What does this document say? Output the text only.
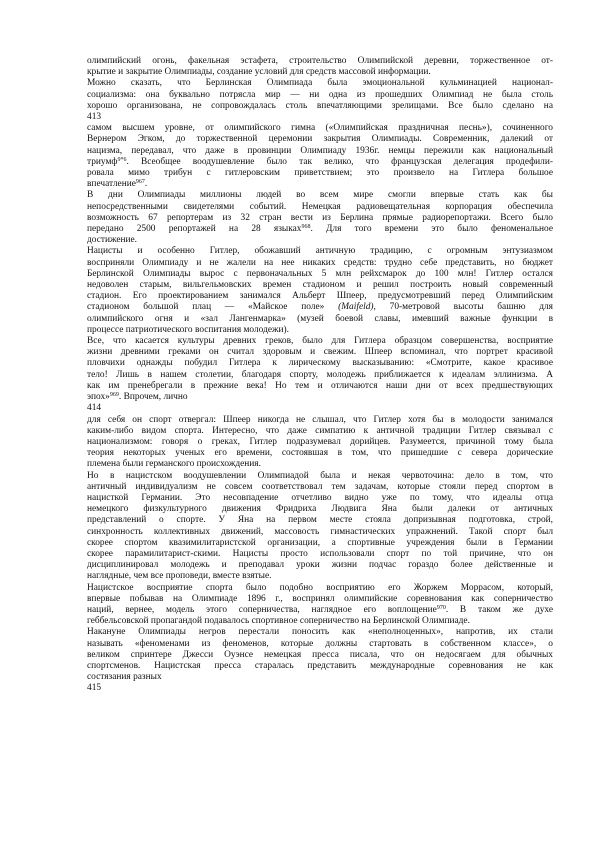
олимпийский огонь, факельная эстафета, строительство Олимпийской деревни, торжественное от-
крытие и закрытие Олимпиады, создание условий для средств массовой информации.
Можно сказать, что Берлинская Олимпиада была эмоциональной кульминацией национал-
социализма: она буквально потрясла мир — ни одна из прошедших Олимпиад не была столь
хорошо организована, не сопровождалась столь впечатляющими зрелищами. Все было сделано на
413
самом высшем уровне, от олимпийского гимна («Олимпийская праздничная песнь»), сочиненного
Вернером Эгком, до торжественной церемонии закрытия Олимпиады. Современник, далекий от
нацизма, передавал, что даже в провинции Олимпиаду 1936г. немцы пережили как национальный
триумф$^{9*6}$. Всеобщее воодушевление было так велико, что французская делегация продефили-
ровала мимо трибун с гитлеровским приветствием; это произвело на Гитлера большое
впечатление$^{967}$.
В дни Олимпиады миллионы людей во всем мире смогли впервые стать как бы
непосредственными свидетелями событий. Немецкая радиовещательная корпорация обеспечила
возможность 67 репортерам из 32 стран вести из Берлина прямые радиорепортажи. Всего было
передано 2500 репортажей на 28 языках$^{968}$. Для того времени это было феноменальное
достижение.
Нацисты и особенно Гитлер, обожавший античную традицию, с огромным энтузиазмом
восприняли Олимпиаду и не жалели на нее никаких средств: трудно себе представить, но бюджет
Берлинской Олимпиады вырос с первоначальных 5 млн рейхсмарок до 100 млн! Гитлер остался
недоволен старым, вильгельмовских времен стадионом и решил построить новый современный
стадион. Его проектированием занимался Альберт Шпеер, предусмотревший перед Олимпийским
стадионом большой плац — «Майское поле» (Maifeld), 70-метровой высоты башню для
олимпийского огня и «зал Лангенмарка» (музей боевой славы, имевший важные функции в
процессе патриотического воспитания молодежи).
Все, что касается культуры древних греков, было для Гитлера образцом совершенства, восприятие
жизни древними греками он считал здоровым и свежим. Шпеер вспоминал, что портрет красивой
пловчихи однажды побудил Гитлера к лирическому высказыванию: «Смотрите, какое красивое
тело! Лишь в нашем столетии, благодаря спорту, молодежь приближается к идеалам эллинизма. А
как им пренебрегали в прежние века! Но тем и отличаются наши дни от всех предшествующих
эпох»$^{969}$. Впрочем, лично
414
для себя он спорт отвергал: Шпеер никогда не слышал, что Гитлер хотя бы в молодости занимался
каким-либо видом спорта. Интересно, что даже симпатию к античной традиции Гитлер связывал с
национализмом: говоря о греках, Гитлер подразумевал дорийцев. Разумеется, причиной тому была
теория некоторых ученых его времени, состоявшая в том, что пришедшие с севера дорические
племена были германского происхождения.
Но в нацистском воодушевлении Олимпиадой была и некая червоточина: дело в том, что
античный индивидуализм не совсем соответствовал тем задачам, которые стояли перед спортом в
нацисткой Германии. Это несовпадение отчетливо видно уже по тому, что идеалы отца
немецкого физкультурного движения Фридриха Людвига Яна были далеки от античных
представлений о спорте. У Яна на первом месте стояла допризывная подготовка, строй,
синхронность коллективных движений, массовость гимнастических упражнений. Такой спорт был
скорее спортом квазимилитаристской организации, а спортивные учреждения были в Германии
скорее парамилитарист-скими. Нацисты просто использовали спорт по той причине, что он
дисциплинировал молодежь и преподавал уроки жизни подчас гораздо более действенные и
наглядные, чем все проповеди, вместе взятые.
Нацистское восприятие спорта было подобно восприятию его Жоржем Моррасом, который,
впервые побывав на Олимпиаде 1896 г., воспринял олимпийские соревнования как соперничество
наций, вернее, модель этого соперничества, наглядное его воплощение$^{970}$. В таком же духе
геббельсовской пропагандой подавалось спортивное соперничество на Берлинской Олимпиаде.
Накануне Олимпиады негров перестали поносить как «неполноценных», напротив, их стали
называть «феноменами из феноменов, которые должны стартовать в собственном классе», о
великом спринтере Джесси Оуэнсе немецкая пресса писала, что он недосягаем для обычных
спортсменов. Нацистская пресса старалась представить международные соревнования не как
состязания разных
415
